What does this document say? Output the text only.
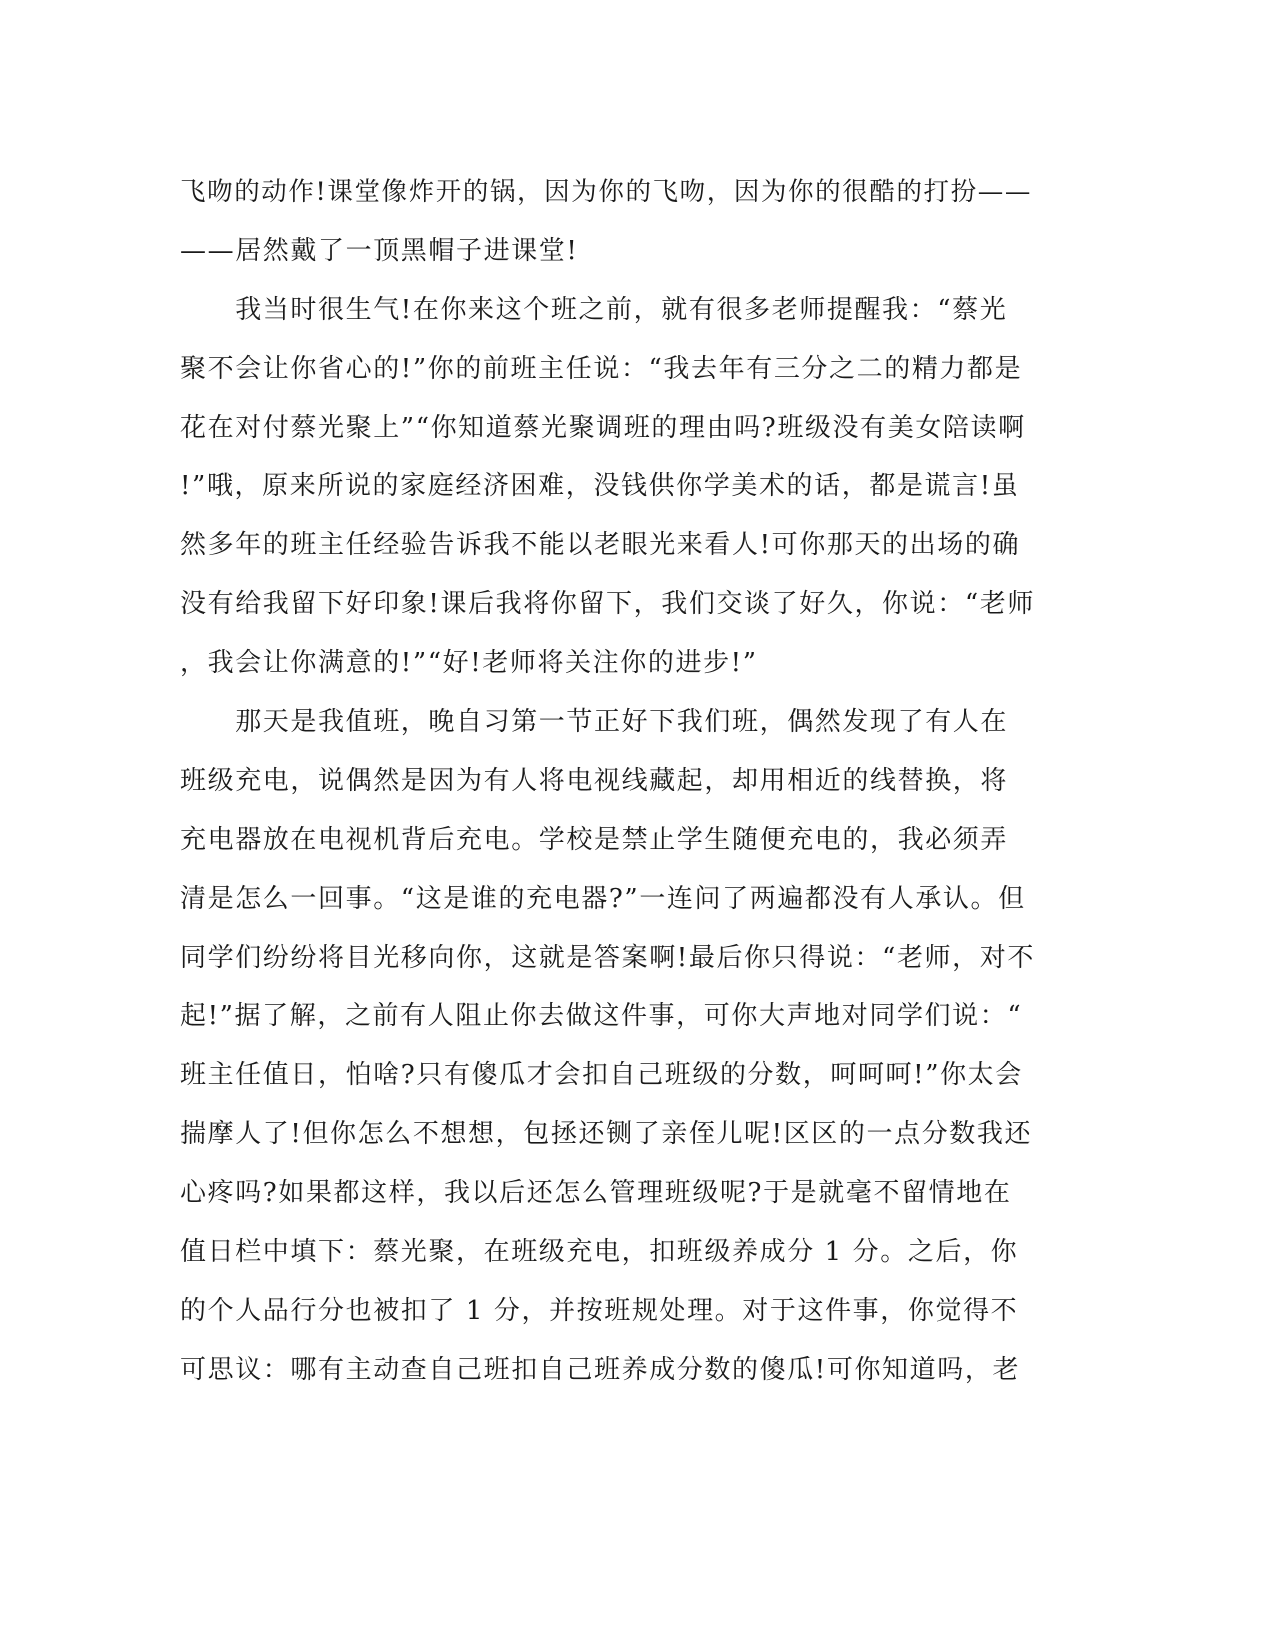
飞吻的动作!课堂像炸开的锅，因为你的飞吻，因为你的很酷的打扮——
——居然戴了一顶黑帽子进课堂!
　　我当时很生气!在你来这个班之前，就有很多老师提醒我：“蔡光
聚不会让你省心的!”你的前班主任说：“我去年有三分之二的精力都是
花在对付蔡光聚上”“你知道蔡光聚调班的理由吗?班级没有美女陪读啊
!”哦，原来所说的家庭经济困难，没钱供你学美术的话，都是谎言!虽
然多年的班主任经验告诉我不能以老眼光来看人!可你那天的出场的确
没有给我留下好印象!课后我将你留下，我们交谈了好久，你说：“老师
，我会让你满意的!”“好!老师将关注你的进步!”
　　那天是我值班，晚自习第一节正好下我们班，偶然发现了有人在
班级充电，说偶然是因为有人将电视线藏起，却用相近的线替换，将
充电器放在电视机背后充电。学校是禁止学生随便充电的，我必须弄
清是怎么一回事。“这是谁的充电器?”一连问了两遍都没有人承认。但
同学们纷纷将目光移向你，这就是答案啊!最后你只得说：“老师，对不
起!”据了解，之前有人阻止你去做这件事，可你大声地对同学们说：“
班主任值日，怕啥?只有傻瓜才会扣自己班级的分数，呵呵呵!”你太会
揣摩人了!但你怎么不想想，包拯还铡了亲侄儿呢!区区的一点分数我还
心疼吗?如果都这样，我以后还怎么管理班级呢?于是就毫不留情地在
值日栏中填下：蔡光聚，在班级充电，扣班级养成分 1 分。之后，你
的个人品行分也被扣了 1 分，并按班规处理。对于这件事，你觉得不
可思议：哪有主动查自己班扣自己班养成分数的傻瓜!可你知道吗，老
